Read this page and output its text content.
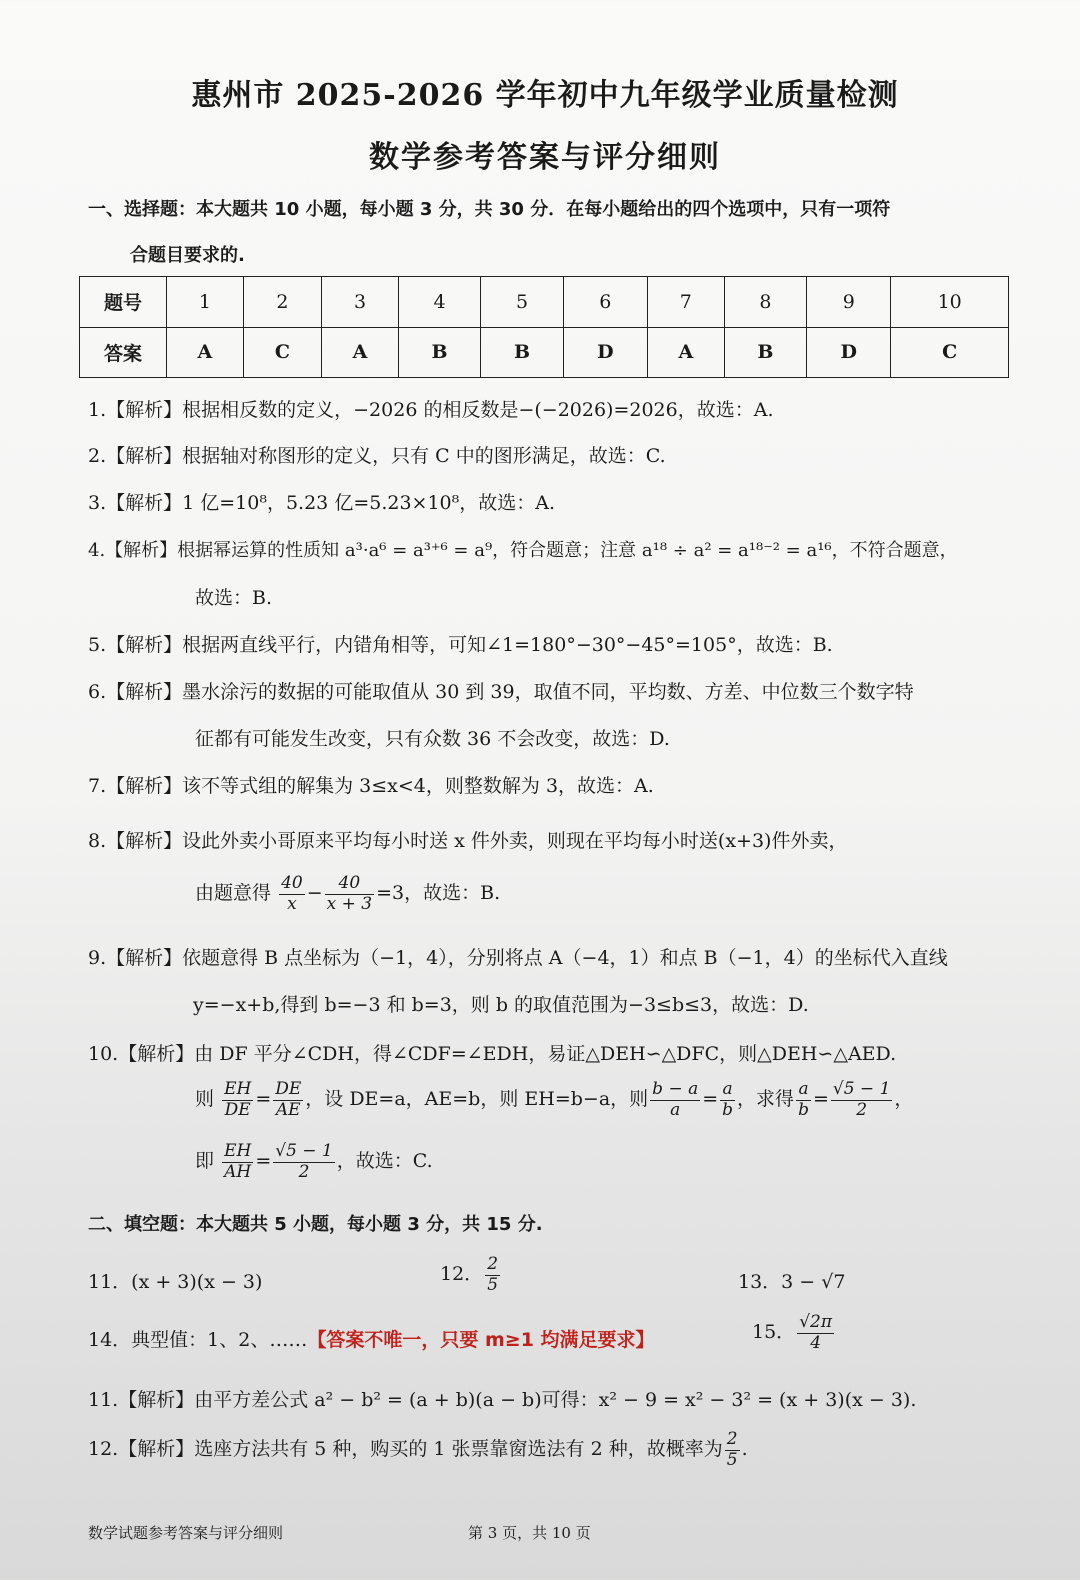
惠州市 2025-2026 学年初中九年级学业质量检测
数学参考答案与评分细则
一、选择题：本大题共 10 小题，每小题 3 分，共 30 分．在每小题给出的四个选项中，只有一项符
合题目要求的.
题号	1	2	3	4	5	6	7	8	9	10
答案	A	C	A	B	B	D	A	B	D	C
1.【解析】根据相反数的定义，−2026 的相反数是−(−2026)=2026，故选：A.
2.【解析】根据轴对称图形的定义，只有 C 中的图形满足，故选：C.
3.【解析】1 亿=10⁸，5.23 亿=5.23×10⁸，故选：A.
4.【解析】根据幂运算的性质知 a³·a⁶ = a³⁺⁶ = a⁹，符合题意；注意 a¹⁸ ÷ a² = a¹⁸⁻² = a¹⁶，不符合题意，
故选：B.
5.【解析】根据两直线平行，内错角相等，可知∠1=180°−30°−45°=105°，故选：B.
6.【解析】墨水涂污的数据的可能取值从 30 到 39，取值不同，平均数、方差、中位数三个数字特
征都有可能发生改变，只有众数 36 不会改变，故选：D.
7.【解析】该不等式组的解集为 3≤x<4，则整数解为 3，故选：A.
8.【解析】设此外卖小哥原来平均每小时送 x 件外卖，则现在平均每小时送(x+3)件外卖，
由题意得 $\frac{40}{x} - \frac{40}{x + 3} =3$，故选：B.
9.【解析】依题意得 B 点坐标为（−1，4），分别将点 A（−4，1）和点 B（−1，4）的坐标代入直线
y=−x+b,得到 b=−3 和 b=3，则 b 的取值范围为−3≤b≤3，故选：D.
10.【解析】由 DF 平分∠CDH，得∠CDF=∠EDH，易证△DEH∽△DFC，则△DEH∽△AED.
则 $\frac{EH}{DE} = \frac{DE}{AE}$ ，设 DE=a，AE=b，则 EH=b−a，则 $\frac{b - a}{a} = \frac{a}{b}$ ，求得 $\frac{a}{b} = \frac{√5 - 1}{2}$ ，
即 $\frac{EH}{AH} = \frac{√5 - 1}{2}$ ，故选：C.
二、填空题：本大题共 5 小题，每小题 3 分，共 15 分.
11．(x + 3)(x − 3)	12． $\frac{2}{5}$	13．3 − √7
14．典型值：1、2、……【答案不唯一，只要 m≥1 均满足要求】	15． $\frac{√2\pi}{4}$
11.【解析】由平方差公式 a² − b² = (a + b)(a − b)可得：x² − 9 = x² − 3² = (x + 3)(x − 3).
12.【解析】选座方法共有 5 种，购买的 1 张票靠窗选法有 2 种，故概率为 $\frac{2}{5}$ .
数学试题参考答案与评分细则	第 3 页，共 10 页
